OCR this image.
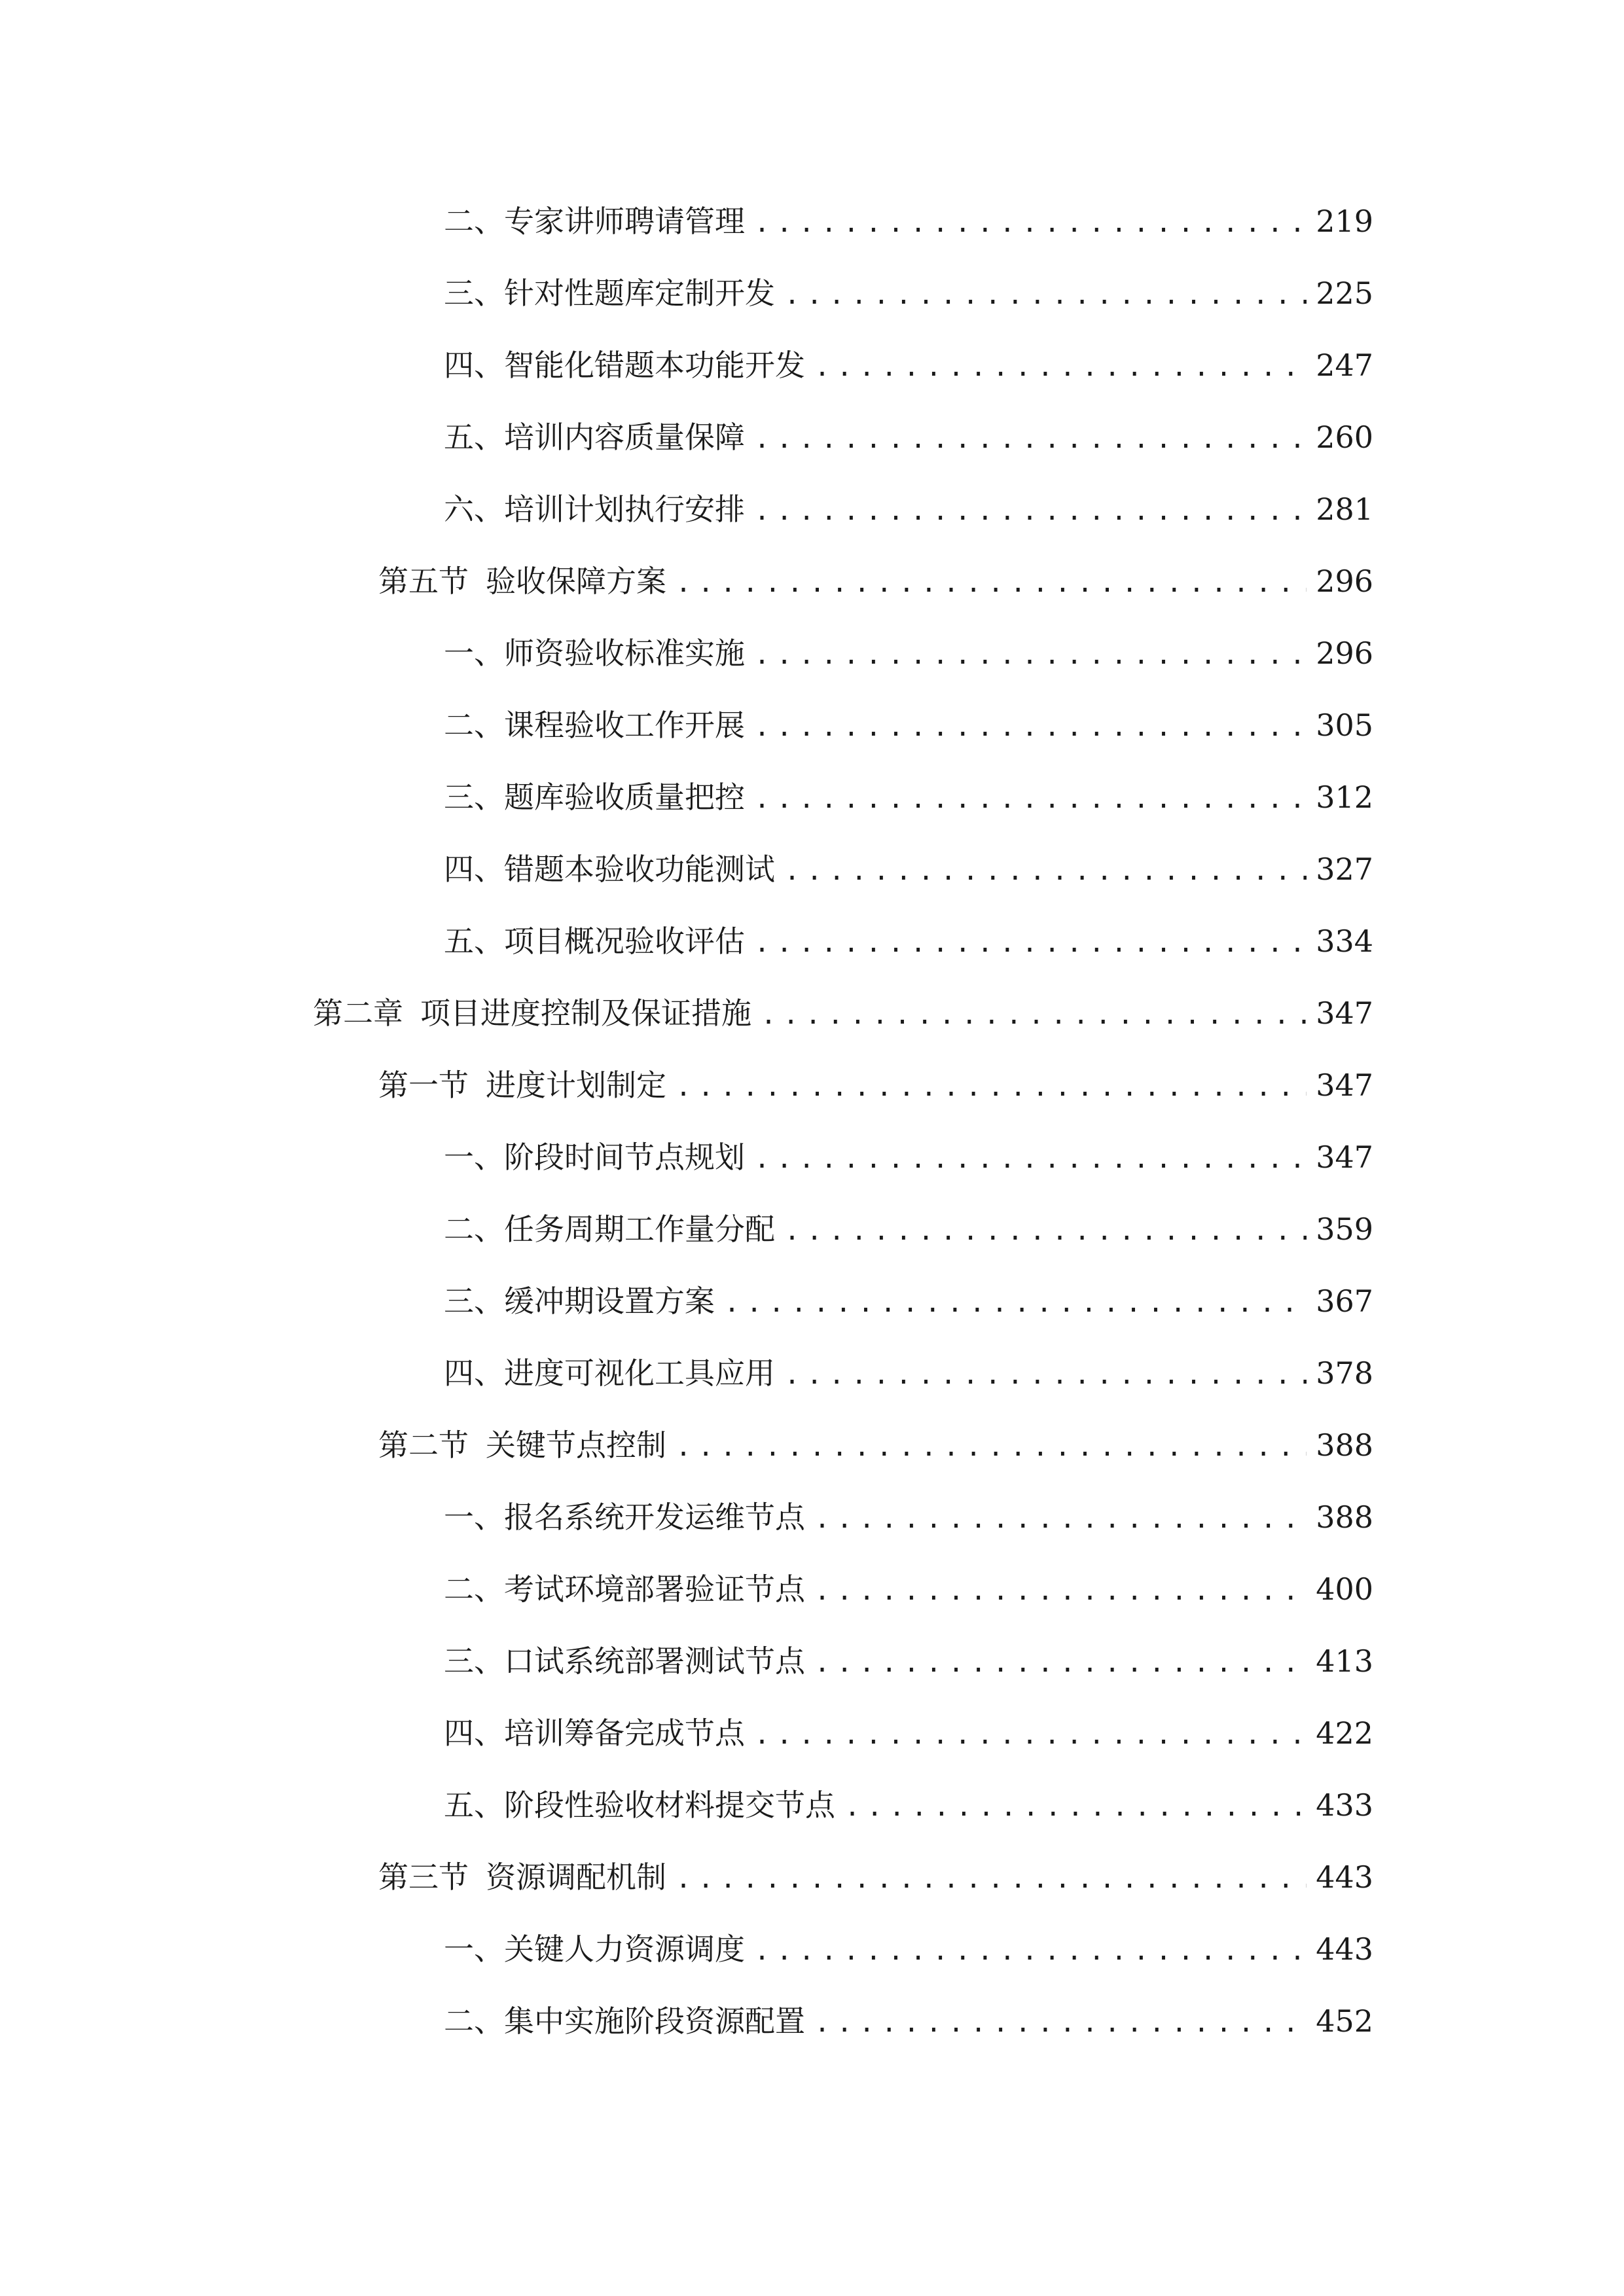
二、 专家讲师聘请管理 .....	219
三、 针对性题库定制开发 .....	225
四、 智能化错题本功能开发 .....	247
五、 培训内容质量保障 .....	260
六、 培训计划执行安排 .....	281
第五节 验收保障方案 .....	296
一、 师资验收标准实施 .....	296
二、 课程验收工作开展 .....	305
三、 题库验收质量把控 .....	312
四、 错题本验收功能测试 .....	327
五、 项目概况验收评估 .....	334
第二章 项目进度控制及保证措施 .....	347
第一节 进度计划制定 .....	347
一、 阶段时间节点规划 .....	347
二、 任务周期工作量分配 .....	359
三、 缓冲期设置方案 .....	367
四、 进度可视化工具应用 .....	378
第二节 关键节点控制 .....	388
一、 报名系统开发运维节点 .....	388
二、 考试环境部署验证节点 .....	400
三、 口试系统部署测试节点 .....	413
四、 培训筹备完成节点 .....	422
五、 阶段性验收材料提交节点 .....	433
第三节 资源调配机制 .....	443
一、 关键人力资源调度 .....	443
二、 集中实施阶段资源配置 .....	452
